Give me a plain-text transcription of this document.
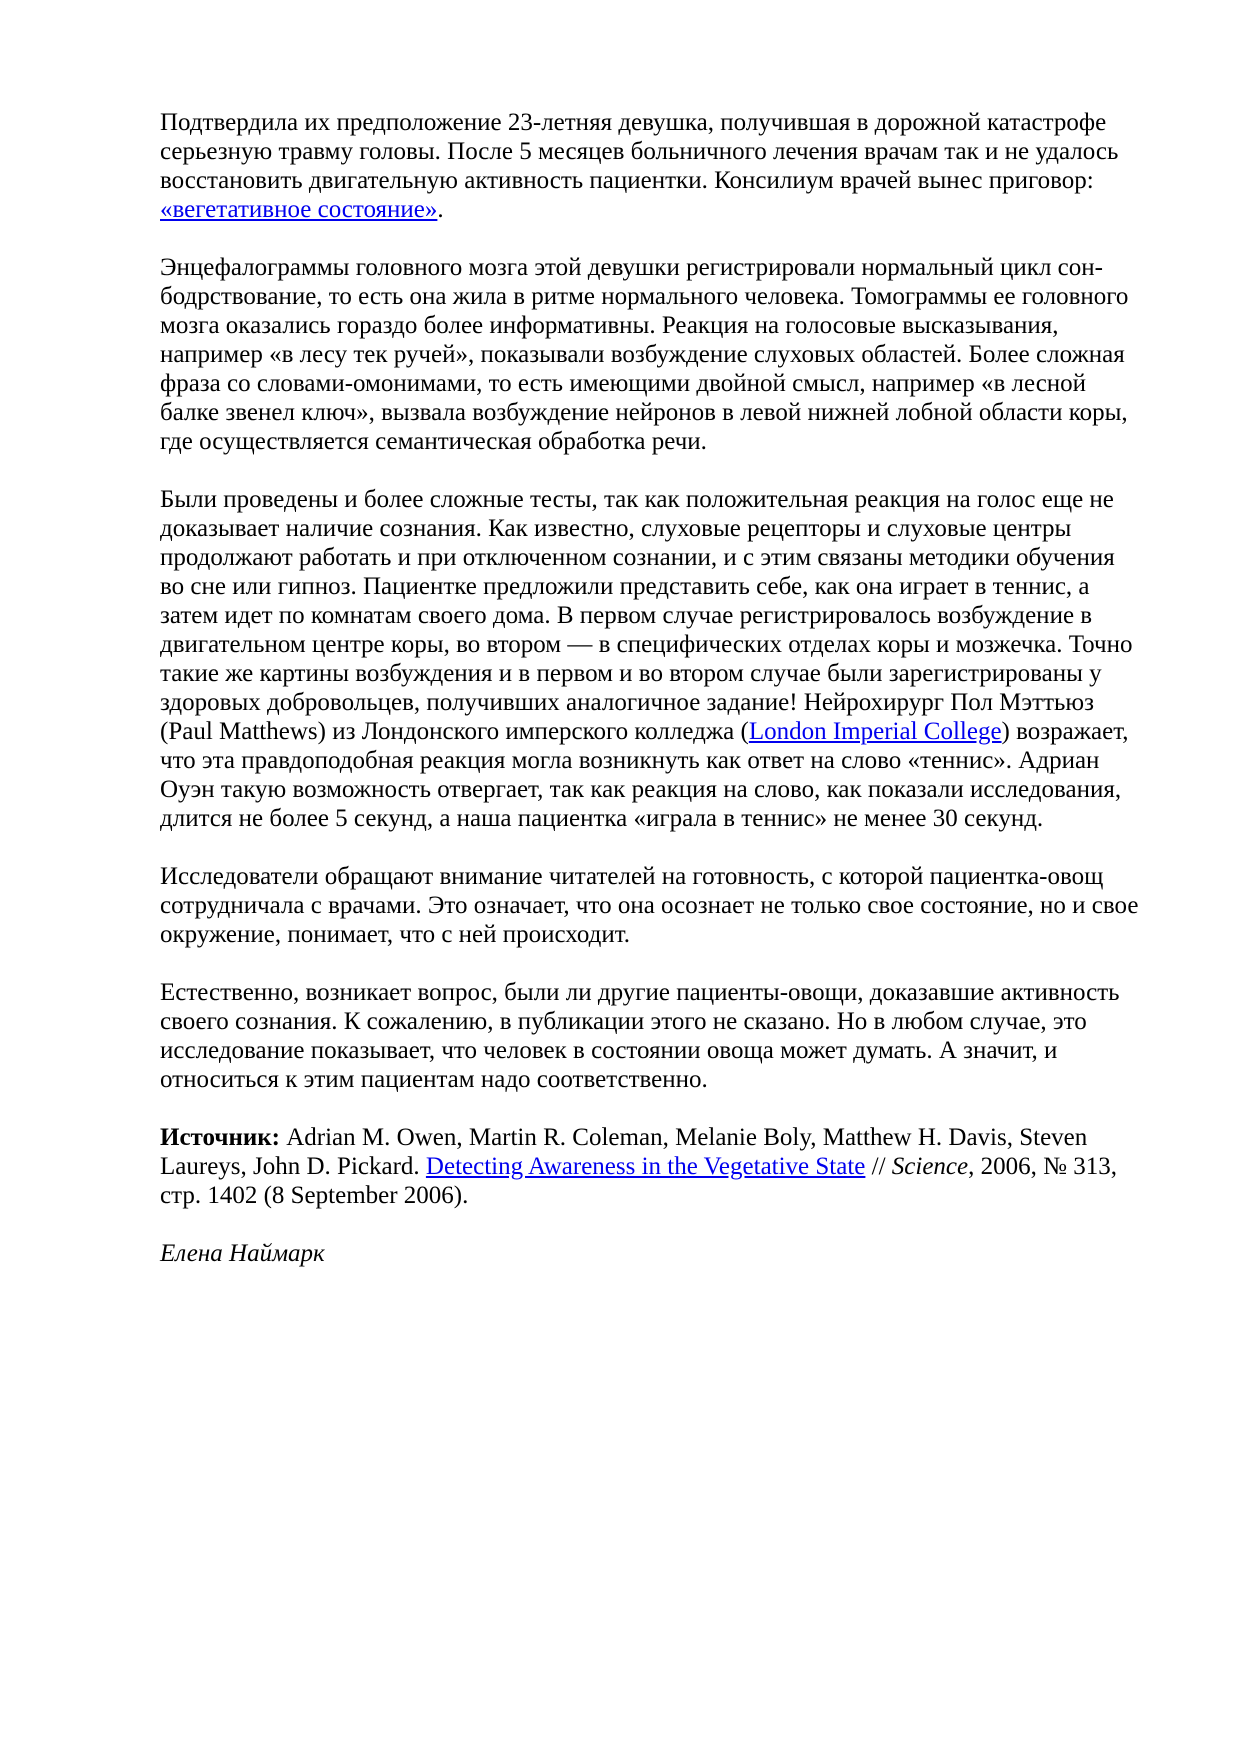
Подтвердила их предположение 23-летняя девушка, получившая в дорожной катастрофе серьезную травму головы. После 5 месяцев больничного лечения врачам так и не удалось восстановить двигательную активность пациентки. Консилиум врачей вынес приговор: «вегетативное состояние».

Энцефалограммы головного мозга этой девушки регистрировали нормальный цикл сон-бодрствование, то есть она жила в ритме нормального человека. Томограммы ее головного мозга оказались гораздо более информативны. Реакция на голосовые высказывания, например «в лесу тек ручей», показывали возбуждение слуховых областей. Более сложная фраза со словами-омонимами, то есть имеющими двойной смысл, например «в лесной балке звенел ключ», вызвала возбуждение нейронов в левой нижней лобной области коры, где осуществляется семантическая обработка речи.

Были проведены и более сложные тесты, так как положительная реакция на голос еще не доказывает наличие сознания. Как известно, слуховые рецепторы и слуховые центры продолжают работать и при отключенном сознании, и с этим связаны методики обучения во сне или гипноз. Пациентке предложили представить себе, как она играет в теннис, а затем идет по комнатам своего дома. В первом случае регистрировалось возбуждение в двигательном центре коры, во втором — в специфических отделах коры и мозжечка. Точно такие же картины возбуждения и в первом и во втором случае были зарегистрированы у здоровых добровольцев, получивших аналогичное задание! Нейрохирург Пол Мэттьюз (Paul Matthews) из Лондонского имперского колледжа (London Imperial College) возражает, что эта правдоподобная реакция могла возникнуть как ответ на слово «теннис». Адриан Оуэн такую возможность отвергает, так как реакция на слово, как показали исследования, длится не более 5 секунд, а наша пациентка «играла в теннис» не менее 30 секунд.

Исследователи обращают внимание читателей на готовность, с которой пациентка-овощ сотрудничала с врачами. Это означает, что она осознает не только свое состояние, но и свое окружение, понимает, что с ней происходит.

Естественно, возникает вопрос, были ли другие пациенты-овощи, доказавшие активность своего сознания. К сожалению, в публикации этого не сказано. Но в любом случае, это исследование показывает, что человек в состоянии овоща может думать. А значит, и относиться к этим пациентам надо соответственно.

Источник: Adrian M. Owen, Martin R. Coleman, Melanie Boly, Matthew H. Davis, Steven Laureys, John D. Pickard. Detecting Awareness in the Vegetative State // Science, 2006, № 313, стр. 1402 (8 September 2006).

Елена Наймарк
